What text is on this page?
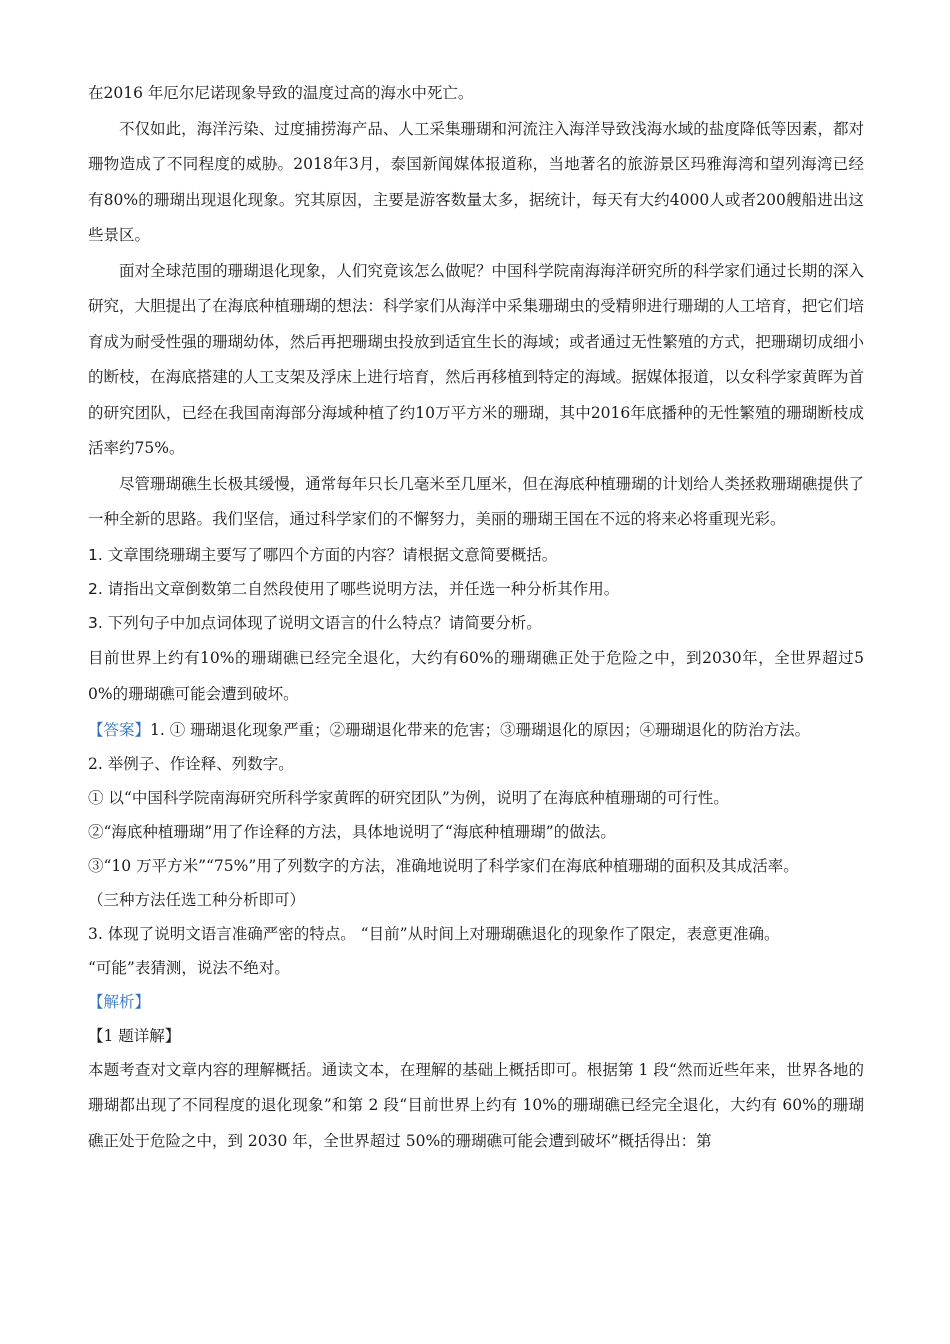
在2016 年厄尔尼诺现象导致的温度过高的海水中死亡。

不仅如此，海洋污染、过度捕捞海产品、人工采集珊瑚和河流注入海洋导致浅海水域的盐度降低等因素，都对珊物造成了不同程度的威胁。2018年3月，泰国新闻媒体报道称，当地著名的旅游景区玛雅海湾和望列海湾已经有80%的珊瑚出现退化现象。究其原因，主要是游客数量太多，据统计，每天有大约4000人或者200艘船进出这些景区。

面对全球范围的珊瑚退化现象，人们究竟该怎么做呢？中国科学院南海海洋研究所的科学家们通过长期的深入研究，大胆提出了在海底种植珊瑚的想法：科学家们从海洋中采集珊瑚虫的受精卵进行珊瑚的人工培育，把它们培育成为耐受性强的珊瑚幼体，然后再把珊瑚虫投放到适宜生长的海域；或者通过无性繁殖的方式，把珊瑚切成细小的断枝，在海底搭建的人工支架及浮床上进行培育，然后再移植到特定的海域。据媒体报道，以女科学家黄晖为首的研究团队，已经在我国南海部分海域种植了约10万平方米的珊瑚，其中2016年底播种的无性繁殖的珊瑚断枝成活率约75%。

尽管珊瑚礁生长极其缓慢，通常每年只长几毫米至几厘米，但在海底种植珊瑚的计划给人类拯救珊瑚礁提供了一种全新的思路。我们坚信，通过科学家们的不懈努力，美丽的珊瑚王国在不远的将来必将重现光彩。

1. 文章围绕珊瑚主要写了哪四个方面的内容？请根据文意简要概括。

2. 请指出文章倒数第二自然段使用了哪些说明方法，并任选一种分析其作用。

3. 下列句子中加点词体现了说明文语言的什么特点？请简要分析。

目前世界上约有10%的珊瑚礁已经完全退化，大约有60%的珊瑚礁正处于危险之中，到2030年，全世界超过50%的珊瑚礁可能会遭到破坏。

【答案】1. ① 珊瑚退化现象严重；②珊瑚退化带来的危害；③珊瑚退化的原因；④珊瑚退化的防治方法。

2. 举例子、作诠释、列数字。

① 以“中国科学院南海研究所科学家黄晖的研究团队”为例，说明了在海底种植珊瑚的可行性。

②“海底种植珊瑚”用了作诠释的方法，具体地说明了“海底种植珊瑚”的做法。

③“10 万平方米”“75%”用了列数字的方法，准确地说明了科学家们在海底种植珊瑚的面积及其成活率。

（三种方法任选工种分析即可）

3. 体现了说明文语言准确严密的特点。 “目前”从时间上对珊瑚礁退化的现象作了限定，表意更准确。

“可能”表猜测，说法不绝对。

【解析】

【1 题详解】

本题考查对文章内容的理解概括。通读文本，在理解的基础上概括即可。根据第 1 段“然而近些年来，世界各地的珊瑚都出现了不同程度的退化现象”和第 2 段“目前世界上约有 10%的珊瑚礁已经完全退化，大约有 60%的珊瑚礁正处于危险之中，到 2030 年，全世界超过 50%的珊瑚礁可能会遭到破坏”概括得出：第
